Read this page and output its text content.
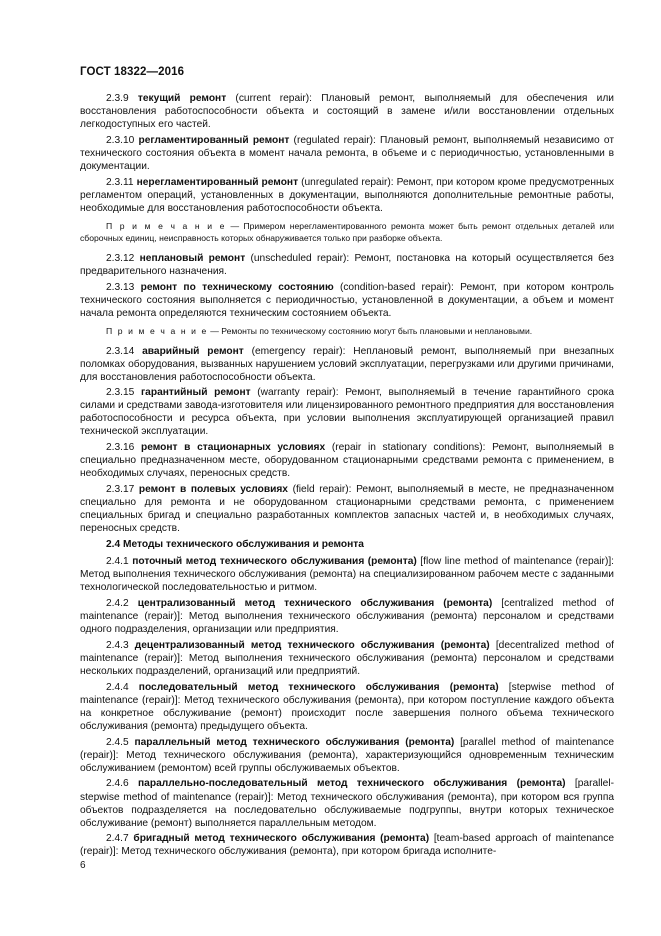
ГОСТ 18322—2016

2.3.9 текущий ремонт (current repair): Плановый ремонт, выполняемый для обеспечения или восстановления работоспособности объекта и состоящий в замене и/или восстановлении отдельных легкодоступных его частей.

2.3.10 регламентированный ремонт (regulated repair): Плановый ремонт, выполняемый независимо от технического состояния объекта в момент начала ремонта, в объеме и с периодичностью, установленными в документации.

2.3.11 нерегламентированный ремонт (unregulated repair): Ремонт, при котором кроме предусмотренных регламентом операций, установленных в документации, выполняются дополнительные ремонтные работы, необходимые для восстановления работоспособности объекта.

П р и м е ч а н и е — Примером нерегламентированного ремонта может быть ремонт отдельных деталей или сборочных единиц, неисправность которых обнаруживается только при разборке объекта.

2.3.12 неплановый ремонт (unscheduled repair): Ремонт, постановка на который осуществляется без предварительного назначения.

2.3.13 ремонт по техническому состоянию (condition-based repair): Ремонт, при котором контроль технического состояния выполняется с периодичностью, установленной в документации, а объем и момент начала ремонта определяются техническим состоянием объекта.

П р и м е ч а н и е — Ремонты по техническому состоянию могут быть плановыми и неплановыми.

2.3.14 аварийный ремонт (emergency repair): Неплановый ремонт, выполняемый при внезапных поломках оборудования, вызванных нарушением условий эксплуатации, перегрузками или другими причинами, для восстановления работоспособности объекта.

2.3.15 гарантийный ремонт (warranty repair): Ремонт, выполняемый в течение гарантийного срока силами и средствами завода-изготовителя или лицензированного ремонтного предприятия для восстановления работоспособности и ресурса объекта, при условии выполнения эксплуатирующей организацией правил технической эксплуатации.

2.3.16 ремонт в стационарных условиях (repair in stationary conditions): Ремонт, выполняемый в специально предназначенном месте, оборудованном стационарными средствами ремонта с применением, в необходимых случаях, переносных средств.

2.3.17 ремонт в полевых условиях (field repair): Ремонт, выполняемый в месте, не предназначенном специально для ремонта и не оборудованном стационарными средствами ремонта, с применением специальных бригад и специально разработанных комплектов запасных частей и, в необходимых случаях, переносных средств.

2.4 Методы технического обслуживания и ремонта

2.4.1 поточный метод технического обслуживания (ремонта) [flow line method of maintenance (repair)]: Метод выполнения технического обслуживания (ремонта) на специализированном рабочем месте с заданными технологической последовательностью и ритмом.

2.4.2 централизованный метод технического обслуживания (ремонта) [centralized method of maintenance (repair)]: Метод выполнения технического обслуживания (ремонта) персоналом и средствами одного подразделения, организации или предприятия.

2.4.3 децентрализованный метод технического обслуживания (ремонта) [decentralized method of maintenance (repair)]: Метод выполнения технического обслуживания (ремонта) персоналом и средствами нескольких подразделений, организаций или предприятий.

2.4.4 последовательный метод технического обслуживания (ремонта) [stepwise method of maintenance (repair)]: Метод технического обслуживания (ремонта), при котором поступление каждого объекта на конкретное обслуживание (ремонт) происходит после завершения полного объема технического обслуживания (ремонта) предыдущего объекта.

2.4.5 параллельный метод технического обслуживания (ремонта) [parallel method of maintenance (repair)]: Метод технического обслуживания (ремонта), характеризующийся одновременным техническим обслуживанием (ремонтом) всей группы обслуживаемых объектов.

2.4.6 параллельно-последовательный метод технического обслуживания (ремонта) [parallel-stepwise method of maintenance (repair)]: Метод технического обслуживания (ремонта), при котором вся группа объектов подразделяется на последовательно обслуживаемые подгруппы, внутри которых техническое обслуживание (ремонт) выполняется параллельным методом.

2.4.7 бригадный метод технического обслуживания (ремонта) [team-based approach of maintenance (repair)]: Метод технического обслуживания (ремонта), при котором бригада исполните-

6
